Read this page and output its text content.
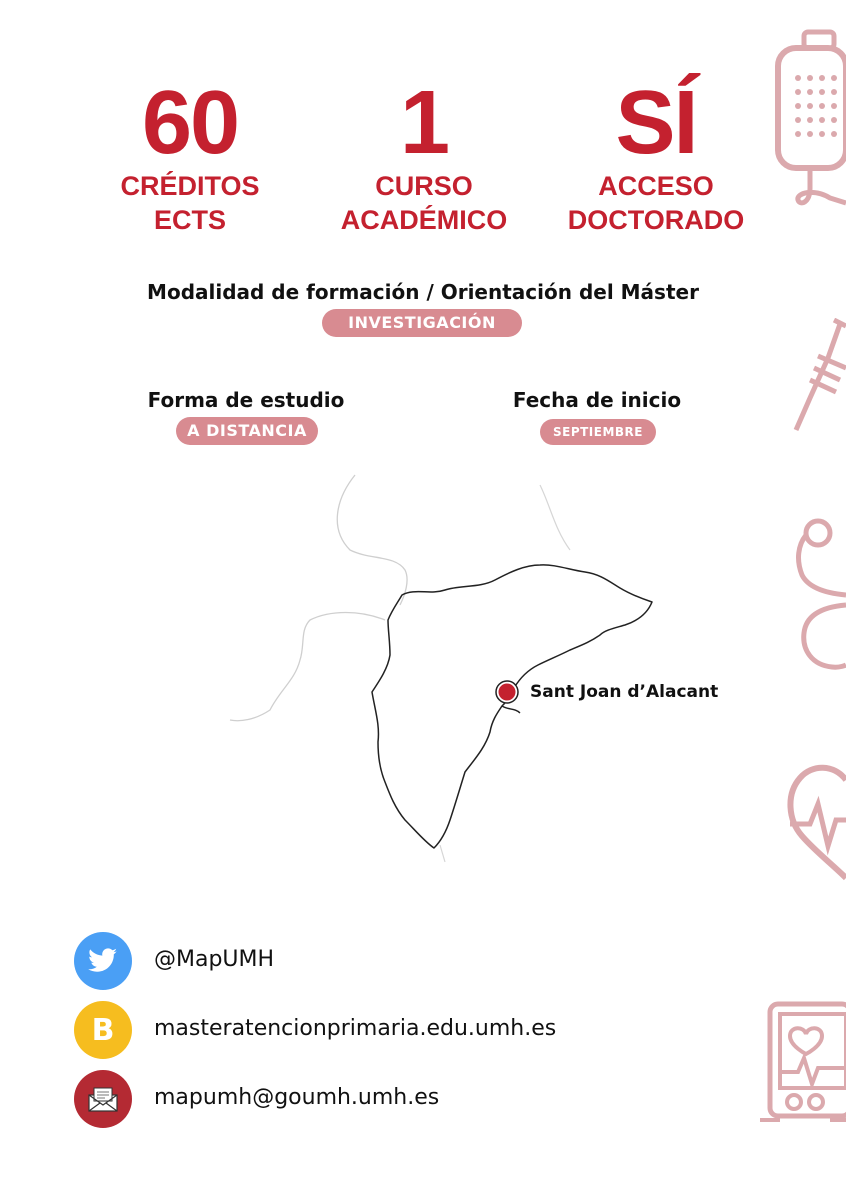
60
CRÉDITOS
ECTS
1
CURSO
ACADÉMICO
SÍ
ACCESO
DOCTORADO
Modalidad de formación / Orientación del Máster
INVESTIGACIÓN
Forma de estudio
A DISTANCIA
Fecha de inicio
SEPTIEMBRE
Sant Joan d’Alacant
@MapUMH
B masteratencionprimaria.edu.umh.es
mapumh@goumh.umh.es
